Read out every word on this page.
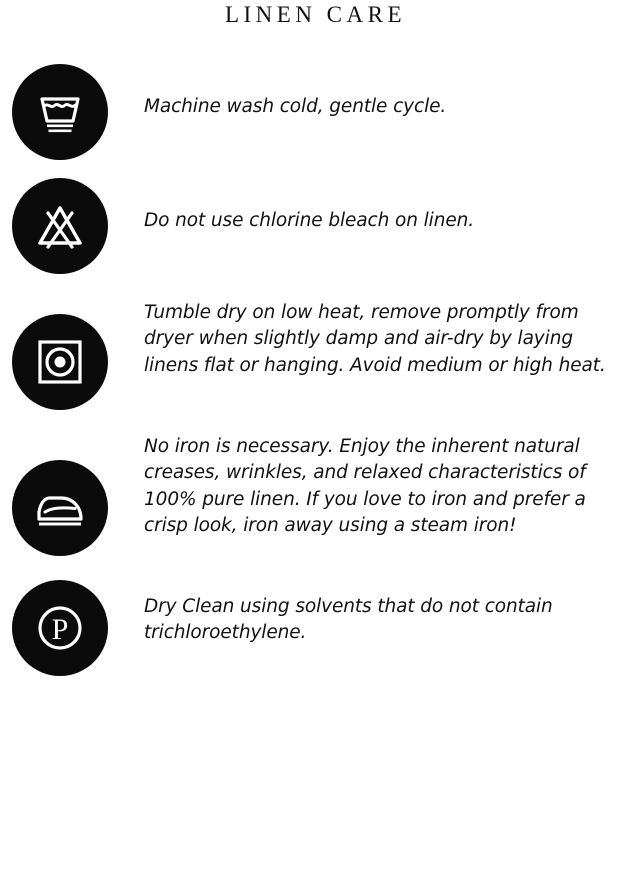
LINEN CARE

Machine wash cold, gentle cycle.

Do not use chlorine bleach on linen.

Tumble dry on low heat, remove promptly from dryer when slightly damp and air-dry by laying linens flat or hanging. Avoid medium or high heat.

No iron is necessary. Enjoy the inherent natural creases, wrinkles, and relaxed characteristics of 100% pure linen. If you love to iron and prefer a crisp look, iron away using a steam iron!

P

Dry Clean using solvents that do not contain trichloroethylene.
